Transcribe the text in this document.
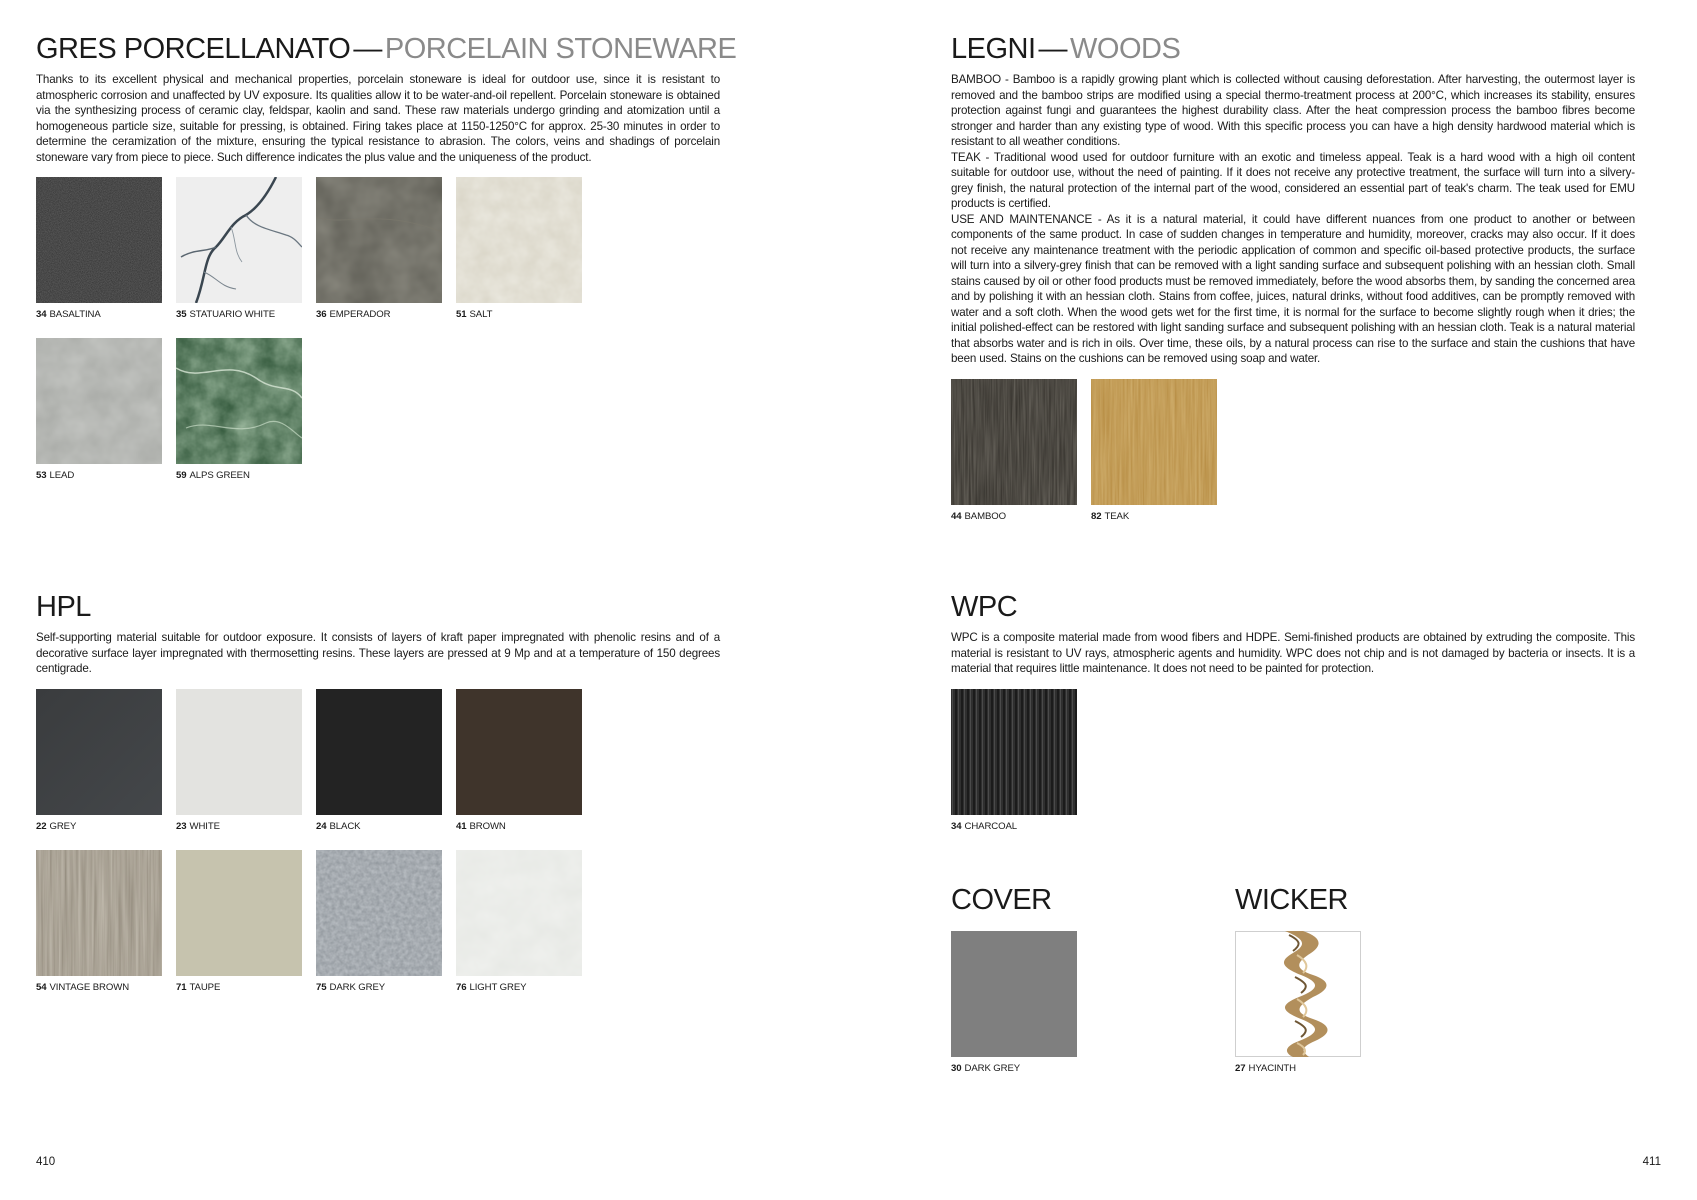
GRES PORCELLANATO — PORCELAIN STONEWARE

Thanks to its excellent physical and mechanical properties, porcelain stoneware is ideal for outdoor use, since it is resistant to atmospheric corrosion and unaffected by UV exposure. Its qualities allow it to be water-and-oil repellent. Porcelain stoneware is obtained via the synthesizing process of ceramic clay, feldspar, kaolin and sand. These raw materials undergo grinding and atomization until a homogeneous particle size, suitable for pressing, is obtained. Firing takes place at 1150-1250°C for approx. 25-30 minutes in order to determine the ceramization of the mixture, ensuring the typical resistance to abrasion. The colors, veins and shadings of porcelain stoneware vary from piece to piece. Such difference indicates the plus value and the uniqueness of the product.

34 BASALTINA	35 STATUARIO WHITE	36 EMPERADOR	51 SALT
53 LEAD	59 ALPS GREEN
LEGNI — WOODS

BAMBOO - Bamboo is a rapidly growing plant which is collected without causing deforestation. After harvesting, the outermost layer is removed and the bamboo strips are modified using a special thermo-treatment process at 200°C, which increases its stability, ensures protection against fungi and guarantees the highest durability class. After the heat compression process the bamboo fibres become stronger and harder than any existing type of wood. With this specific process you can have a high density hardwood material which is resistant to all weather conditions.

TEAK - Traditional wood used for outdoor furniture with an exotic and timeless appeal. Teak is a hard wood with a high oil content suitable for outdoor use, without the need of painting. If it does not receive any protective treatment, the surface will turn into a silvery-grey finish, the natural protection of the internal part of the wood, considered an essential part of teak's charm. The teak used for EMU products is certified.

USE AND MAINTENANCE - As it is a natural material, it could have different nuances from one product to another or between components of the same product. In case of sudden changes in temperature and humidity, moreover, cracks may also occur. If it does not receive any maintenance treatment with the periodic application of common and specific oil-based protective products, the surface will turn into a silvery-grey finish that can be removed with a light sanding surface and subsequent polishing with an hessian cloth. Small stains caused by oil or other food products must be removed immediately, before the wood absorbs them, by sanding the concerned area and by polishing it with an hessian cloth. Stains from coffee, juices, natural drinks, without food additives, can be promptly removed with water and a soft cloth. When the wood gets wet for the first time, it is normal for the surface to become slightly rough when it dries; the initial polished-effect can be restored with light sanding surface and subsequent polishing with an hessian cloth. Teak is a natural material that absorbs water and is rich in oils. Over time, these oils, by a natural process can rise to the surface and stain the cushions that have been used. Stains on the cushions can be removed using soap and water.

44 BAMBOO	82 TEAK
HPL

Self-supporting material suitable for outdoor exposure. It consists of layers of kraft paper impregnated with phenolic resins and of a decorative surface layer impregnated with thermosetting resins. These layers are pressed at 9 Mp and at a temperature of 150 degrees centigrade.

22 GREY	23 WHITE	24 BLACK	41 BROWN
54 VINTAGE BROWN	71 TAUPE	75 DARK GREY	76 LIGHT GREY
WPC

WPC is a composite material made from wood fibers and HDPE. Semi-finished products are obtained by extruding the composite. This material is resistant to UV rays, atmospheric agents and humidity. WPC does not chip and is not damaged by bacteria or insects. It is a material that requires little maintenance. It does not need to be painted for protection.

34 CHARCOAL
COVER
30 DARK GREY
WICKER
27 HYACINTH
410	411
